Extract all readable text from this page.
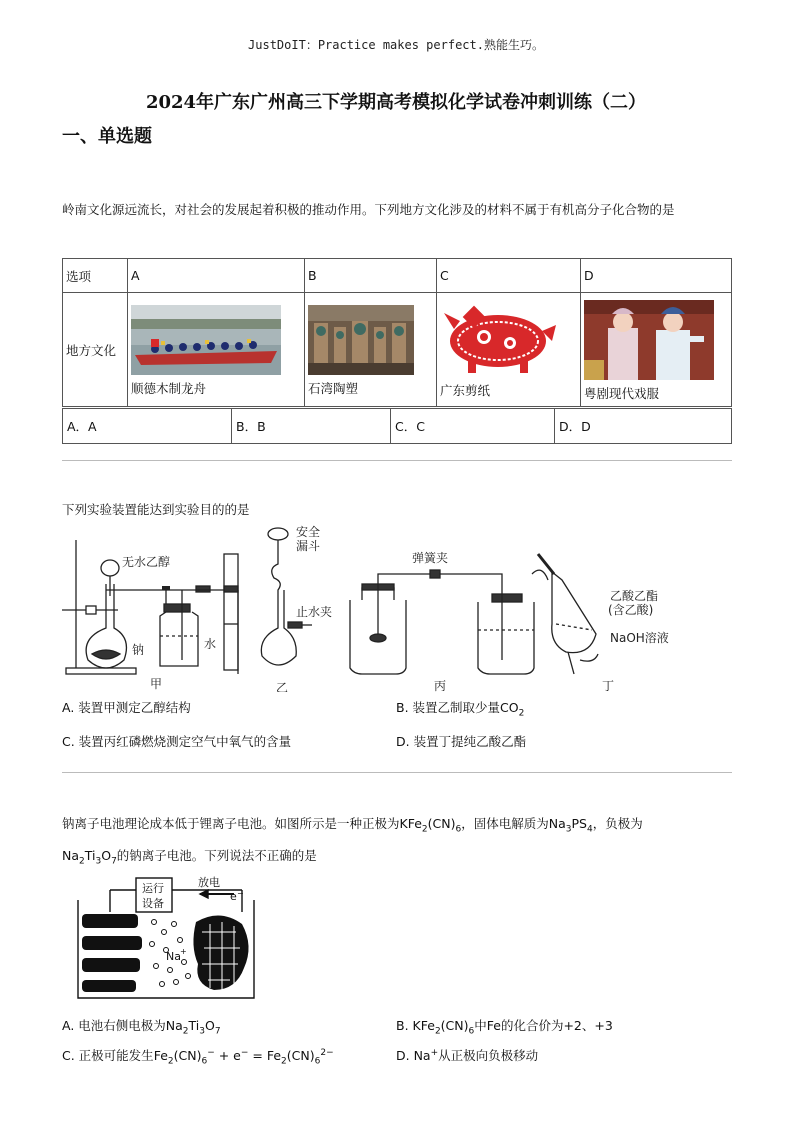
JustDoIT：Practice makes perfect.熟能生巧。
2024年广东广州高三下学期高考模拟化学试卷冲刺训练（二）
一、单选题
岭南文化源远流长，对社会的发展起着积极的推动作用。下列地方文化涉及的材料不属于有机高分子化合物的是
选项	A	B	C	D
地方文化	顺德木制龙舟	石湾陶塑	广东剪纸	粤剧现代戏服
A．A	B．B	C．C	D．D
下列实验装置能达到实验目的的是
无水乙醇
钠	水
甲
安全
漏斗
止水夹
乙
弹簧夹
丙
乙酸乙酯
(含乙酸)
NaOH溶液
丁
A. 装置甲测定乙醇结构	B. 装置乙制取少量$CO_2$
C. 装置丙红磷燃烧测定空气中氧气的含量	D. 装置丁提纯乙酸乙酯
钠离子电池理论成本低于锂离子电池。如图所示是一种正极为$KFe_2(CN)_6$，固体电解质为$Na_3PS_4$，负极为
$Na_2Ti_3O_7$的钠离子电池。下列说法不正确的是
运行
设备
放电
e
Na
−
+
A. 电池右侧电极为$Na_2Ti_3O_7$	B. $KFe_2(CN)_6$中Fe的化合价为+2、+3
C. 正极可能发生$Fe_2(CN)_6^- + e^- = Fe_2(CN)_6^{2-}$	D. Na+从正极向负极移动
